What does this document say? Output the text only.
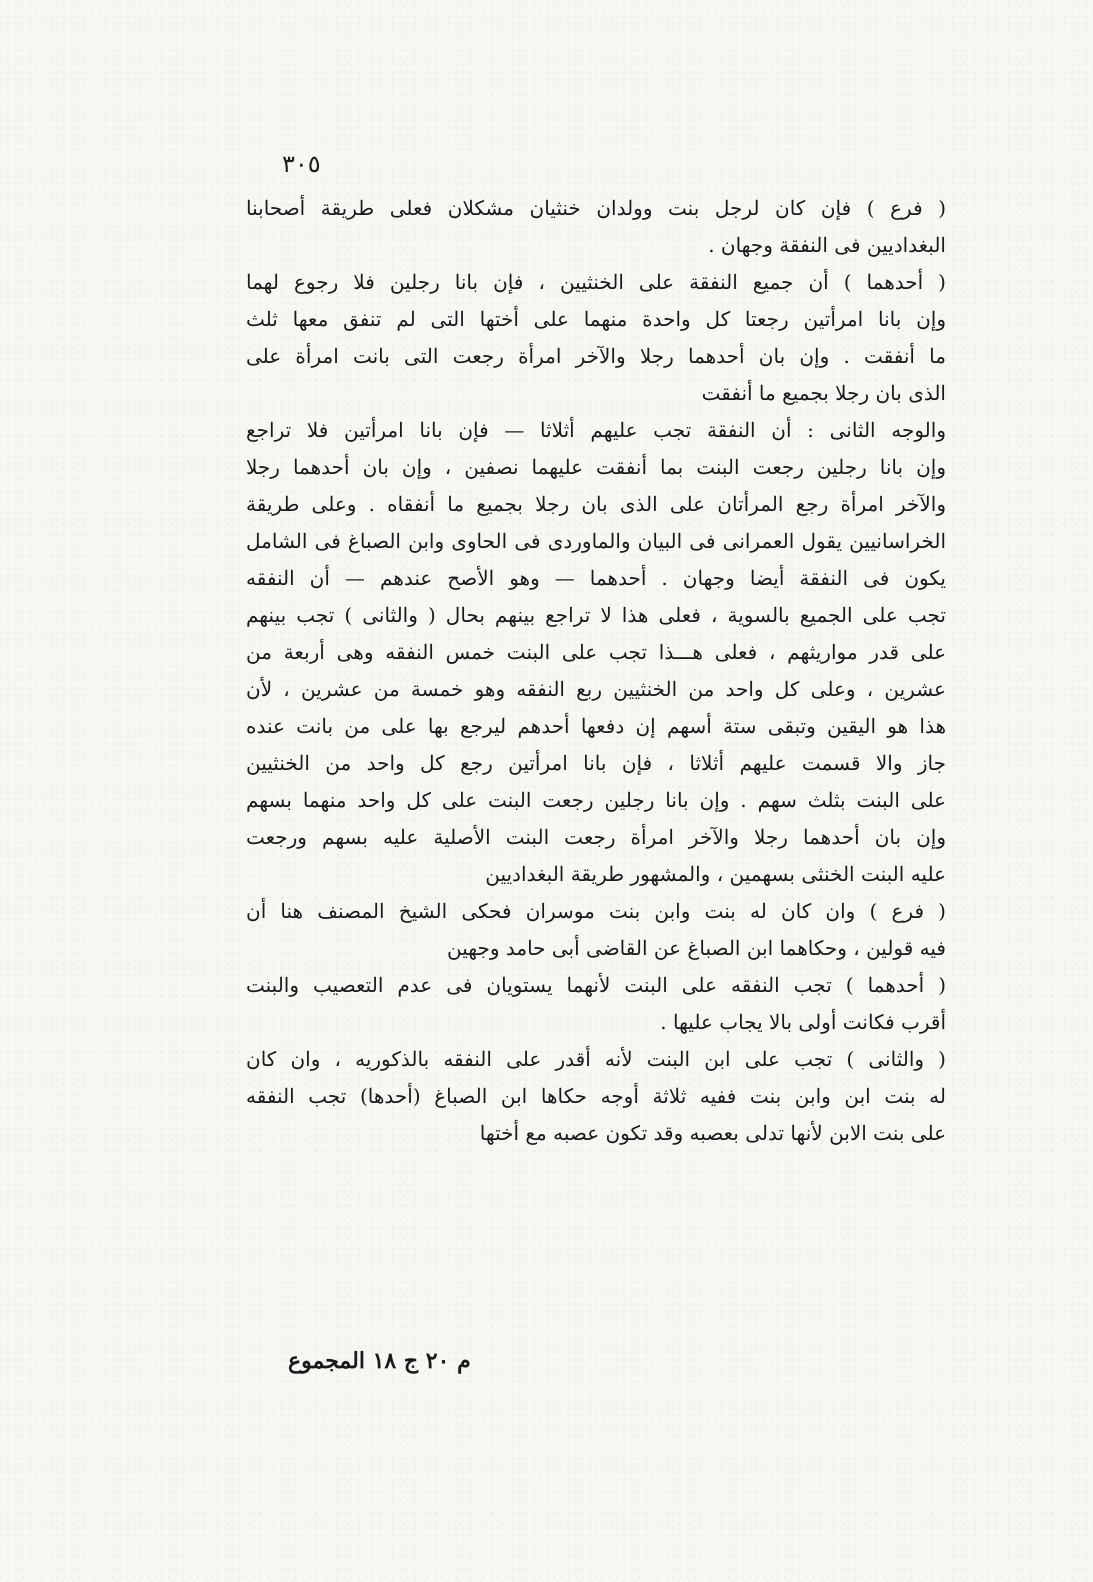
٣٠٥
( فرع ) فإن كان لرجل بنت وولدان خنثيان مشكلان فعلى طريقة أصحابنا
البغداديين فى النفقة وجهان .
( أحدهما ) أن جميع النفقة على الخنثيين ، فإن بانا رجلين فلا رجوع لهما
وإن بانا امرأتين رجعتا كل واحدة منهما على أختها التى لم تنفق معها ثلث
ما أنفقت . وإن بان أحدهما رجلا والآخر امرأة رجعت التى بانت امرأة على
الذى بان رجلا بجميع ما أنفقت
والوجه الثانى : أن النفقة تجب عليهم أثلاثا — فإن بانا امرأتين فلا تراجع
وإن بانا رجلين رجعت البنت بما أنفقت عليهما نصفين ، وإن بان أحدهما رجلا
والآخر امرأة رجع المرأتان على الذى بان رجلا بجميع ما أنفقاه . وعلى طريقة
الخراسانيين يقول العمرانى فى البيان والماوردى فى الحاوى وابن الصباغ فى الشامل
يكون فى النفقة أيضا وجهان . أحدهما — وهو الأصح عندهم — أن النفقه
تجب على الجميع بالسوية ، فعلى هذا لا تراجع بينهم بحال ( والثانى ) تجب بينهم
على قدر مواريثهم ، فعلى هـــذا تجب على البنت خمس النفقه وهى أربعة من
عشرين ، وعلى كل واحد من الخنثيين ربع النفقه وهو خمسة من عشرين ، لأن
هذا هو اليقين وتبقى ستة أسهم إن دفعها أحدهم ليرجع بها على من بانت عنده
جاز والا قسمت عليهم أثلاثا ، فإن بانا امرأتين رجع كل واحد من الخنثيين
على البنت بثلث سهم . وإن بانا رجلين رجعت البنت على كل واحد منهما بسهم
وإن بان أحدهما رجلا والآخر امرأة رجعت البنت الأصلية عليه بسهم ورجعت
عليه البنت الخنثى بسهمين ، والمشهور طريقة البغداديين
( فرع ) وان كان له بنت وابن بنت موسران فحكى الشيخ المصنف هنا أن
فيه قولين ، وحكاهما ابن الصباغ عن القاضى أبى حامد وجهين
( أحدهما ) تجب النفقه على البنت لأنهما يستويان فى عدم التعصيب والبنت
أقرب فكانت أولى بالا يجاب عليها .
( والثانى ) تجب على ابن البنت لأنه أقدر على النفقه بالذكوريه ، وان كان
له بنت ابن وابن بنت ففيه ثلاثة أوجه حكاها ابن الصباغ (أحدها) تجب النفقه
على بنت الابن لأنها تدلى بعصبه وقد تكون عصبه مع أختها
م ٢٠ ج ١٨ المجموع
